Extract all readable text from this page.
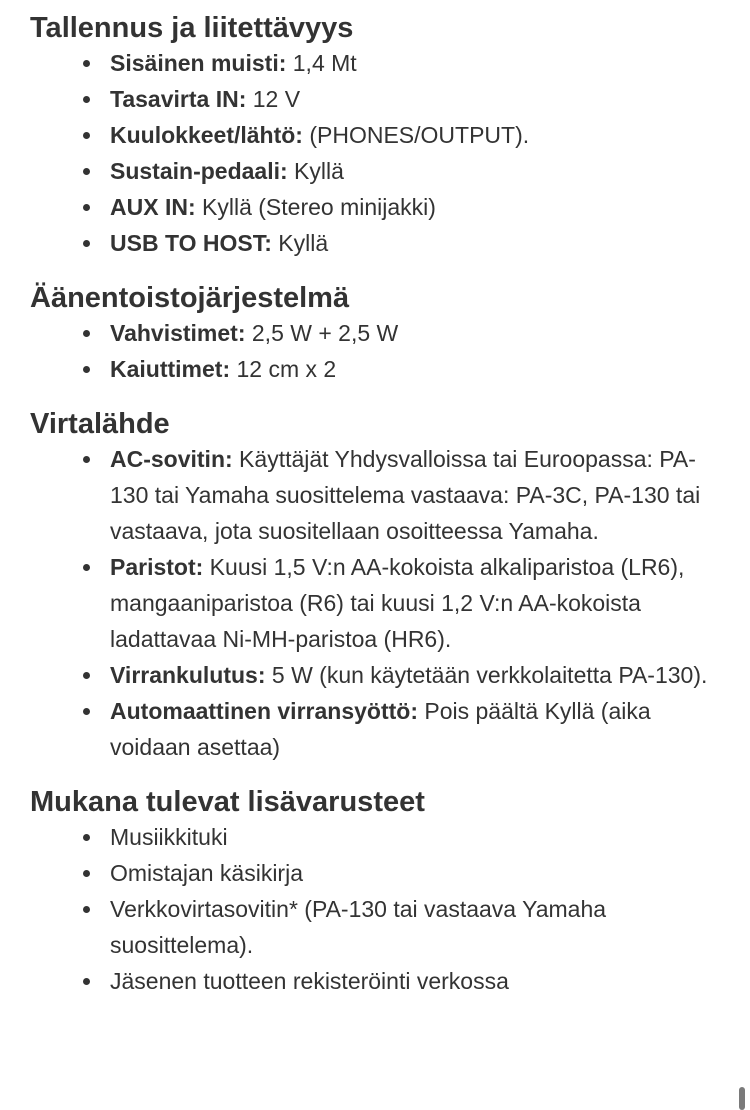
Tallennus ja liitettävyys
Sisäinen muisti: 1,4 Mt
Tasavirta IN: 12 V
Kuulokkeet/lähtö: (PHONES/OUTPUT).
Sustain-pedaali: Kyllä
AUX IN: Kyllä (Stereo minijakki)
USB TO HOST: Kyllä
Äänentoistojärjestelmä
Vahvistimet: 2,5 W + 2,5 W
Kaiuttimet: 12 cm x 2
Virtalähde
AC-sovitin: Käyttäjät Yhdysvalloissa tai Euroopassa: PA-130 tai Yamaha suosittelema vastaava: PA-3C, PA-130 tai vastaava, jota suositellaan osoitteessa Yamaha.
Paristot: Kuusi 1,5 V:n AA-kokoista alkaliparistoa (LR6), mangaaniparistoa (R6) tai kuusi 1,2 V:n AA-kokoista ladattavaa Ni-MH-paristoa (HR6).
Virrankulutus: 5 W (kun käytetään verkkolaitetta PA-130).
Automaattinen virransyöttö: Pois päältä Kyllä (aika voidaan asettaa)
Mukana tulevat lisävarusteet
Musiikkituki
Omistajan käsikirja
Verkkovirtasovitin* (PA-130 tai vastaava Yamaha suosittelema).
Jäsenen tuotteen rekisteröinti verkossa
